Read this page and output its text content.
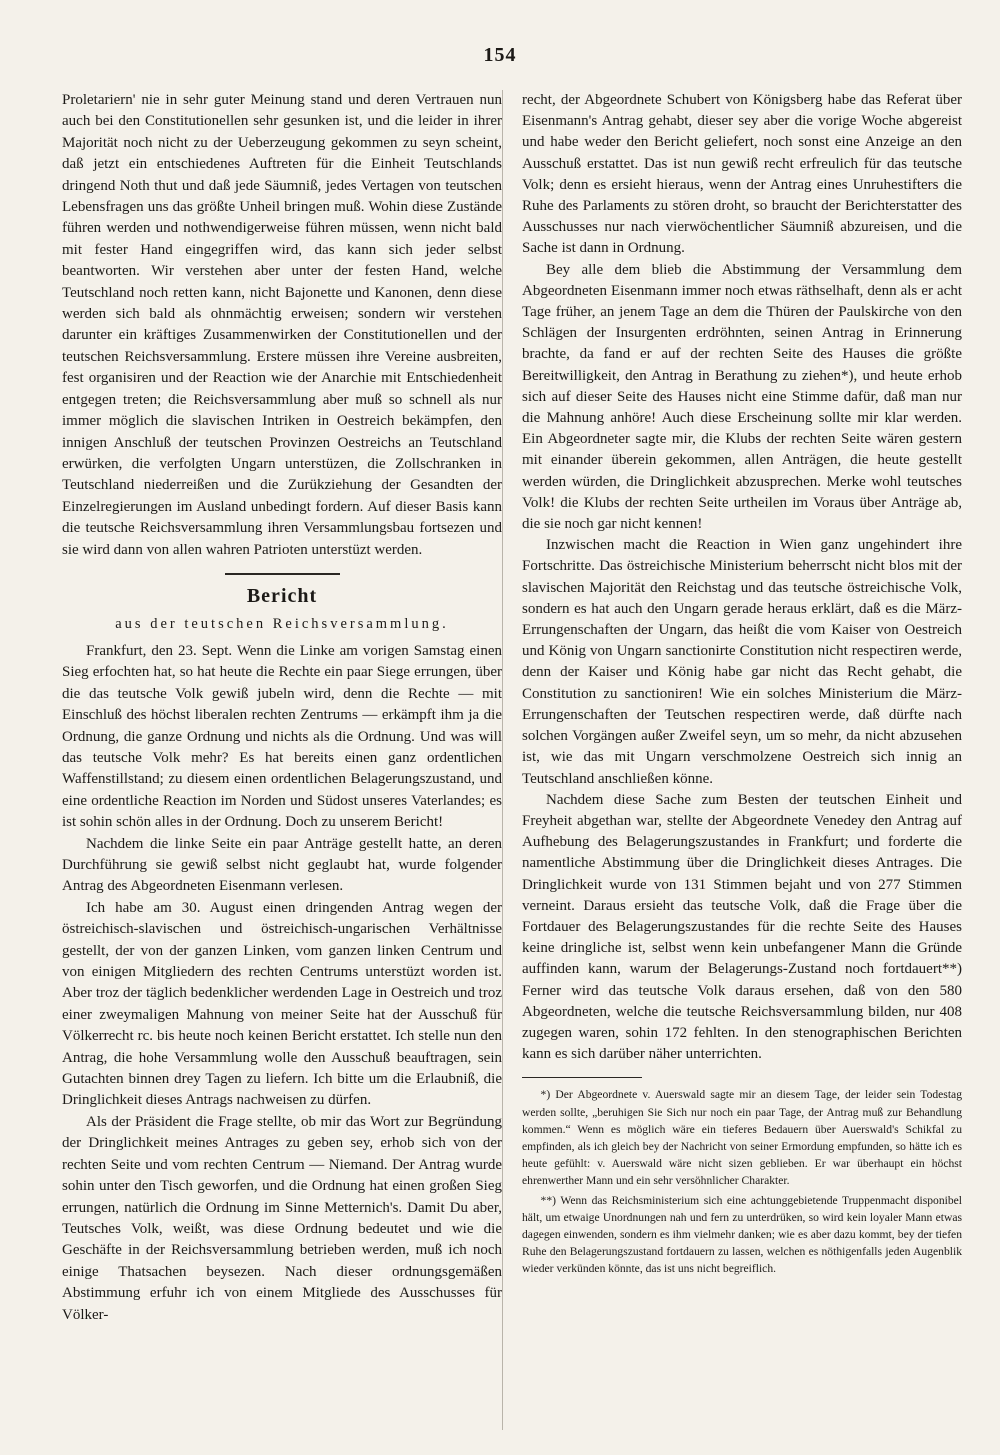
154

Proletariern' nie in sehr guter Meinung stand und deren Vertrauen nun auch bei den Constitutionellen sehr gesunken ist, und die leider in ihrer Majorität noch nicht zu der Ueberzeugung gekommen zu seyn scheint, daß jetzt ein entschiedenes Auftreten für die Einheit Teutschlands dringend Noth thut und daß jede Säumniß, jedes Vertagen von teutschen Lebensfragen uns das größte Unheil bringen muß. Wohin diese Zustände führen werden und nothwendigerweise führen müssen, wenn nicht bald mit fester Hand eingegriffen wird, das kann sich jeder selbst beantworten. Wir verstehen aber unter der festen Hand, welche Teutschland noch retten kann, nicht Bajonette und Kanonen, denn diese werden sich bald als ohnmächtig erweisen; sondern wir verstehen darunter ein kräftiges Zusammenwirken der Constitutionellen und der teutschen Reichsversammlung. Erstere müssen ihre Vereine ausbreiten, fest organisiren und der Reaction wie der Anarchie mit Entschiedenheit entgegen treten; die Reichsversammlung aber muß so schnell als nur immer möglich die slavischen Intriken in Oestreich bekämpfen, den innigen Anschluß der teutschen Provinzen Oestreichs an Teutschland erwürken, die verfolgten Ungarn unterstüzen, die Zollschranken in Teutschland niederreißen und die Zurükziehung der Gesandten der Einzelregierungen im Ausland unbedingt fordern. Auf dieser Basis kann die teutsche Reichsversammlung ihren Versammlungsbau fortsezen und sie wird dann von allen wahren Patrioten unterstüzt werden.

Bericht
aus der teutschen Reichsversammlung.

Frankfurt, den 23. Sept. Wenn die Linke am vorigen Samstag einen Sieg erfochten hat, so hat heute die Rechte ein paar Siege errungen, über die das teutsche Volk gewiß jubeln wird, denn die Rechte — mit Einschluß des höchst liberalen rechten Zentrums — erkämpft ihm ja die Ordnung, die ganze Ordnung und nichts als die Ordnung. Und was will das teutsche Volk mehr? Es hat bereits einen ganz ordentlichen Waffenstillstand; zu diesem einen ordentlichen Belagerungszustand, und eine ordentliche Reaction im Norden und Südost unseres Vaterlandes; es ist sohin schön alles in der Ordnung. Doch zu unserem Bericht!

Nachdem die linke Seite ein paar Anträge gestellt hatte, an deren Durchführung sie gewiß selbst nicht geglaubt hat, wurde folgender Antrag des Abgeordneten Eisenmann verlesen.

Ich habe am 30. August einen dringenden Antrag wegen der östreichisch-slavischen und östreichisch-ungarischen Verhältnisse gestellt, der von der ganzen Linken, vom ganzen linken Centrum und von einigen Mitgliedern des rechten Centrums unterstüzt worden ist. Aber troz der täglich bedenklicher werdenden Lage in Oestreich und troz einer zweymaligen Mahnung von meiner Seite hat der Ausschuß für Völkerrecht rc. bis heute noch keinen Bericht erstattet. Ich stelle nun den Antrag, die hohe Versammlung wolle den Ausschuß beauftragen, sein Gutachten binnen drey Tagen zu liefern. Ich bitte um die Erlaubniß, die Dringlichkeit dieses Antrags nachweisen zu dürfen.

Als der Präsident die Frage stellte, ob mir das Wort zur Begründung der Dringlichkeit meines Antrages zu geben sey, erhob sich von der rechten Seite und vom rechten Centrum — Niemand. Der Antrag wurde sohin unter den Tisch geworfen, und die Ordnung hat einen großen Sieg errungen, natürlich die Ordnung im Sinne Metternich's. Damit Du aber, Teutsches Volk, weißt, was diese Ordnung bedeutet und wie die Geschäfte in der Reichsversammlung betrieben werden, muß ich noch einige Thatsachen beysezen. Nach dieser ordnungsgemäßen Abstimmung erfuhr ich von einem Mitgliede des Ausschusses für Völker-

recht, der Abgeordnete Schubert von Königsberg habe das Referat über Eisenmann's Antrag gehabt, dieser sey aber die vorige Woche abgereist und habe weder den Bericht geliefert, noch sonst eine Anzeige an den Ausschuß erstattet. Das ist nun gewiß recht erfreulich für das teutsche Volk; denn es ersieht hieraus, wenn der Antrag eines Unruhestifters die Ruhe des Parlaments zu stören droht, so braucht der Berichterstatter des Ausschusses nur nach vierwöchentlicher Säumniß abzureisen, und die Sache ist dann in Ordnung.

Bey alle dem blieb die Abstimmung der Versammlung dem Abgeordneten Eisenmann immer noch etwas räthselhaft, denn als er acht Tage früher, an jenem Tage an dem die Thüren der Paulskirche von den Schlägen der Insurgenten erdröhnten, seinen Antrag in Erinnerung brachte, da fand er auf der rechten Seite des Hauses die größte Bereitwilligkeit, den Antrag in Berathung zu ziehen*), und heute erhob sich auf dieser Seite des Hauses nicht eine Stimme dafür, daß man nur die Mahnung anhöre! Auch diese Erscheinung sollte mir klar werden. Ein Abgeordneter sagte mir, die Klubs der rechten Seite wären gestern mit einander überein gekommen, allen Anträgen, die heute gestellt werden würden, die Dringlichkeit abzusprechen. Merke wohl teutsches Volk! die Klubs der rechten Seite urtheilen im Voraus über Anträge ab, die sie noch gar nicht kennen!

Inzwischen macht die Reaction in Wien ganz ungehindert ihre Fortschritte. Das östreichische Ministerium beherrscht nicht blos mit der slavischen Majorität den Reichstag und das teutsche östreichische Volk, sondern es hat auch den Ungarn gerade heraus erklärt, daß es die März-Errungenschaften der Ungarn, das heißt die vom Kaiser von Oestreich und König von Ungarn sanctionirte Constitution nicht respectiren werde, denn der Kaiser und König habe gar nicht das Recht gehabt, die Constitution zu sanctioniren! Wie ein solches Ministerium die März-Errungenschaften der Teutschen respectiren werde, daß dürfte nach solchen Vorgängen außer Zweifel seyn, um so mehr, da nicht abzusehen ist, wie das mit Ungarn verschmolzene Oestreich sich innig an Teutschland anschließen könne.

Nachdem diese Sache zum Besten der teutschen Einheit und Freyheit abgethan war, stellte der Abgeordnete Venedey den Antrag auf Aufhebung des Belagerungszustandes in Frankfurt; und forderte die namentliche Abstimmung über die Dringlichkeit dieses Antrages. Die Dringlichkeit wurde von 131 Stimmen bejaht und von 277 Stimmen verneint. Daraus ersieht das teutsche Volk, daß die Frage über die Fortdauer des Belagerungszustandes für die rechte Seite des Hauses keine dringliche ist, selbst wenn kein unbefangener Mann die Gründe auffinden kann, warum der Belagerungs-Zustand noch fortdauert**) Ferner wird das teutsche Volk daraus ersehen, daß von den 580 Abgeordneten, welche die teutsche Reichsversammlung bilden, nur 408 zugegen waren, sohin 172 fehlten. In den stenographischen Berichten kann es sich darüber näher unterrichten.

*) Der Abgeordnete v. Auerswald sagte mir an diesem Tage, der leider sein Todestag werden sollte, „beruhigen Sie Sich nur noch ein paar Tage, der Antrag muß zur Behandlung kommen.“ Wenn es möglich wäre ein tieferes Bedauern über Auerswald's Schikfal zu empfinden, als ich gleich bey der Nachricht von seiner Ermordung empfunden, so hätte ich es heute gefühlt: v. Auerswald wäre nicht sizen geblieben. Er war überhaupt ein höchst ehrenwerther Mann und ein sehr versöhnlicher Charakter.

**) Wenn das Reichsministerium sich eine achtunggebietende Truppenmacht disponibel hält, um etwaige Unordnungen nah und fern zu unterdrüken, so wird kein loyaler Mann etwas dagegen einwenden, sondern es ihm vielmehr danken; wie es aber dazu kommt, bey der tiefen Ruhe den Belagerungszustand fortdauern zu lassen, welchen es nöthigenfalls jeden Augenblik wieder verkünden könnte, das ist uns nicht begreiflich.
